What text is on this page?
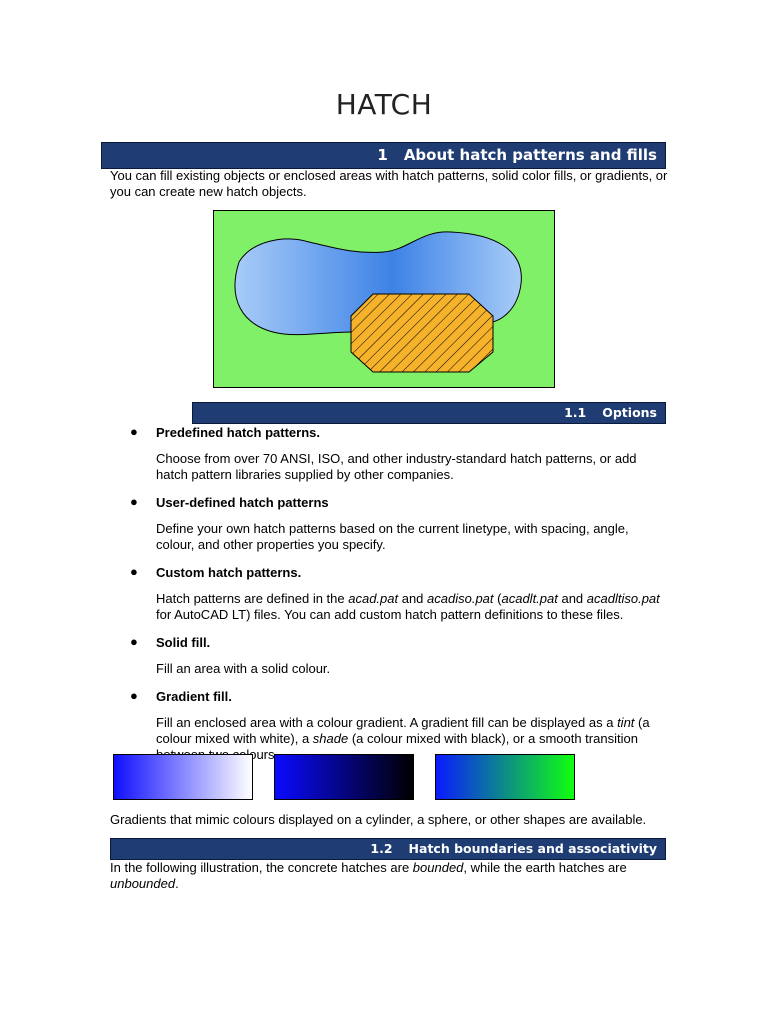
HATCH
1 About hatch patterns and fills
You can fill existing objects or enclosed areas with hatch patterns, solid color fills, or gradients, or you can create new hatch objects.
1.1 Options
● Predefined hatch patterns.

Choose from over 70 ANSI, ISO, and other industry-standard hatch patterns, or add hatch pattern libraries supplied by other companies.

● User-defined hatch patterns

Define your own hatch patterns based on the current linetype, with spacing, angle, colour, and other properties you specify.

● Custom hatch patterns.

Hatch patterns are defined in the acad.pat and acadiso.pat (acadlt.pat and acadltiso.pat for AutoCAD LT) files. You can add custom hatch pattern definitions to these files.

● Solid fill.

Fill an area with a solid colour.

● Gradient fill.

Fill an enclosed area with a colour gradient. A gradient fill can be displayed as a tint (a colour mixed with white), a shade (a colour mixed with black), or a smooth transition colours.

Gradients that mimic colours displayed on a cylinder, a sphere, or other shapes are available.
1.2 Hatch boundaries and associativity
In the following illustration, the concrete hatches are bounded, while the earth hatches are unbounded.
